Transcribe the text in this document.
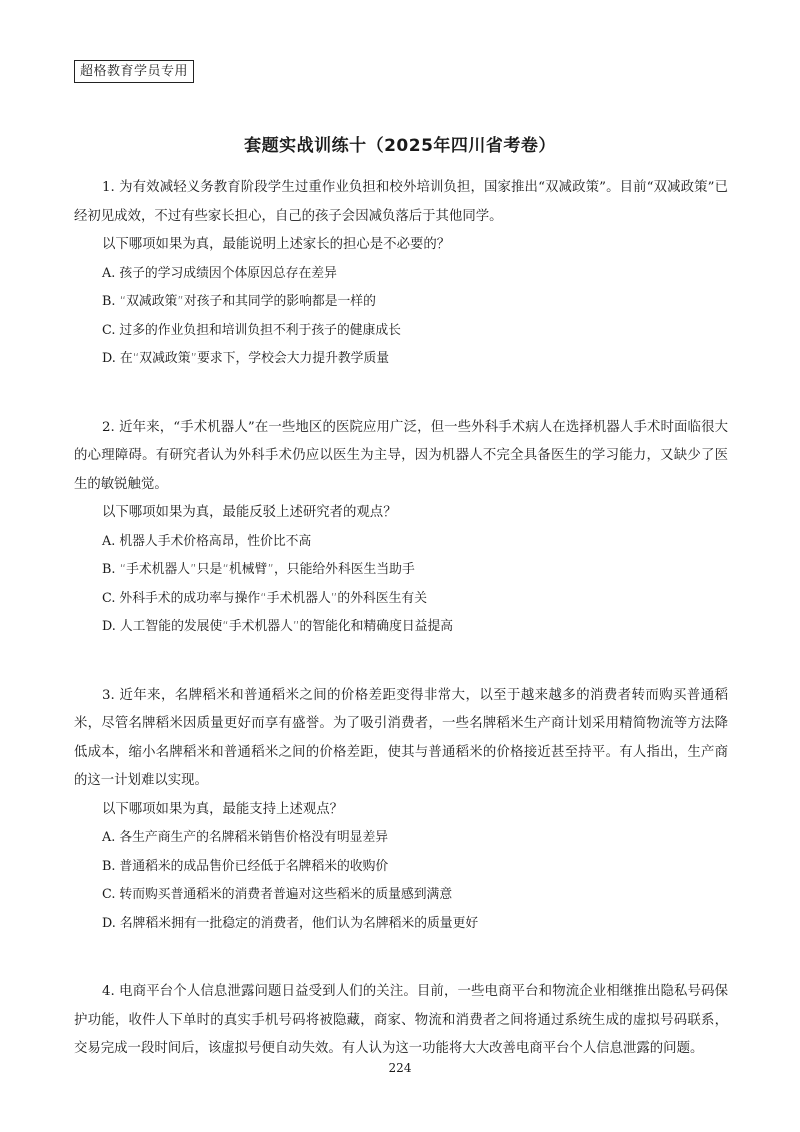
超格教育学员专用
套题实战训练十（2025年四川省考卷）

1. 为有效减轻义务教育阶段学生过重作业负担和校外培训负担，国家推出“双减政策”。目前“双减政策”已经初见成效，不过有些家长担心，自己的孩子会因减负落后于其他同学。

以下哪项如果为真，最能说明上述家长的担心是不必要的？

A. 孩子的学习成绩因个体原因总存在差异

B. “双减政策”对孩子和其同学的影响都是一样的

C. 过多的作业负担和培训负担不利于孩子的健康成长

D. 在“双减政策”要求下，学校会大力提升教学质量

2. 近年来，“手术机器人”在一些地区的医院应用广泛，但一些外科手术病人在选择机器人手术时面临很大的心理障碍。有研究者认为外科手术仍应以医生为主导，因为机器人不完全具备医生的学习能力，又缺少了医生的敏锐触觉。

以下哪项如果为真，最能反驳上述研究者的观点？

A. 机器人手术价格高昂，性价比不高

B. “手术机器人”只是“机械臂”，只能给外科医生当助手

C. 外科手术的成功率与操作“手术机器人”的外科医生有关

D. 人工智能的发展使“手术机器人”的智能化和精确度日益提高

3. 近年来，名牌稻米和普通稻米之间的价格差距变得非常大，以至于越来越多的消费者转而购买普通稻米，尽管名牌稻米因质量更好而享有盛誉。为了吸引消费者，一些名牌稻米生产商计划采用精简物流等方法降低成本，缩小名牌稻米和普通稻米之间的价格差距，使其与普通稻米的价格接近甚至持平。有人指出，生产商的这一计划难以实现。

以下哪项如果为真，最能支持上述观点？

A. 各生产商生产的名牌稻米销售价格没有明显差异

B. 普通稻米的成品售价已经低于名牌稻米的收购价

C. 转而购买普通稻米的消费者普遍对这些稻米的质量感到满意

D. 名牌稻米拥有一批稳定的消费者，他们认为名牌稻米的质量更好

4. 电商平台个人信息泄露问题日益受到人们的关注。目前，一些电商平台和物流企业相继推出隐私号码保护功能，收件人下单时的真实手机号码将被隐藏，商家、物流和消费者之间将通过系统生成的虚拟号码联系，交易完成一段时间后，该虚拟号便自动失效。有人认为这一功能将大大改善电商平台个人信息泄露的问题。

224
